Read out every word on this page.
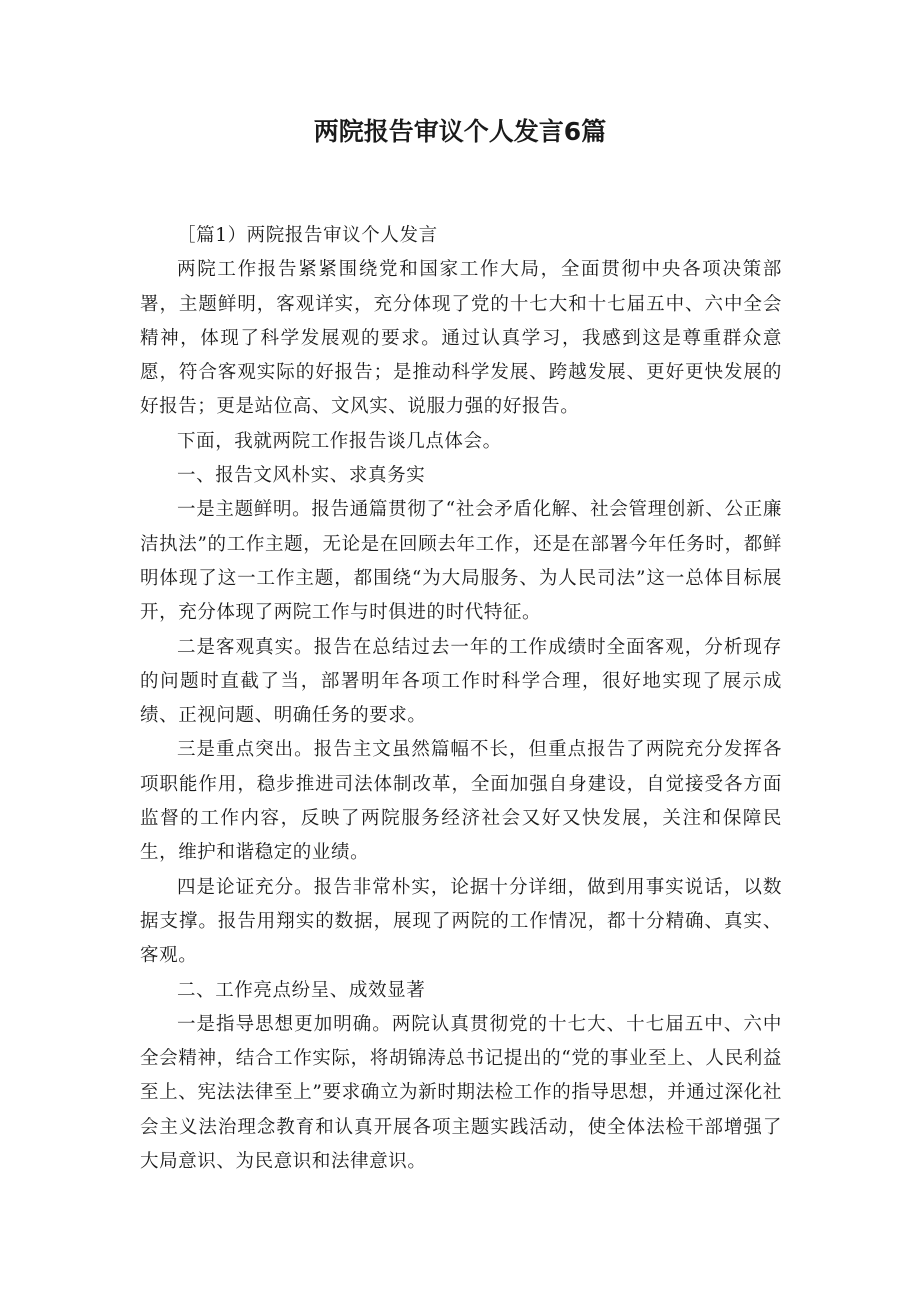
两院报告审议个人发言6篇

［篇1）两院报告审议个人发言

两院工作报告紧紧围绕党和国家工作大局，全面贯彻中央各项决策部署，主题鲜明，客观详实，充分体现了党的十七大和十七届五中、六中全会精神，体现了科学发展观的要求。通过认真学习，我感到这是尊重群众意愿，符合客观实际的好报告；是推动科学发展、跨越发展、更好更快发展的好报告；更是站位高、文风实、说服力强的好报告。

下面，我就两院工作报告谈几点体会。

一、报告文风朴实、求真务实

一是主题鲜明。报告通篇贯彻了“社会矛盾化解、社会管理创新、公正廉洁执法”的工作主题，无论是在回顾去年工作，还是在部署今年任务时，都鲜明体现了这一工作主题，都围绕“为大局服务、为人民司法”这一总体目标展开，充分体现了两院工作与时俱进的时代特征。

二是客观真实。报告在总结过去一年的工作成绩时全面客观，分析现存的问题时直截了当，部署明年各项工作时科学合理，很好地实现了展示成绩、正视问题、明确任务的要求。

三是重点突出。报告主文虽然篇幅不长，但重点报告了两院充分发挥各项职能作用，稳步推进司法体制改革，全面加强自身建设，自觉接受各方面监督的工作内容，反映了两院服务经济社会又好又快发展，关注和保障民生，维护和谐稳定的业绩。

四是论证充分。报告非常朴实，论据十分详细，做到用事实说话，以数据支撑。报告用翔实的数据，展现了两院的工作情况，都十分精确、真实、客观。

二、工作亮点纷呈、成效显著

一是指导思想更加明确。两院认真贯彻党的十七大、十七届五中、六中全会精神，结合工作实际，将胡锦涛总书记提出的“党的事业至上、人民利益至上、宪法法律至上”要求确立为新时期法检工作的指导思想，并通过深化社会主义法治理念教育和认真开展各项主题实践活动，使全体法检干部增强了大局意识、为民意识和法律意识。
